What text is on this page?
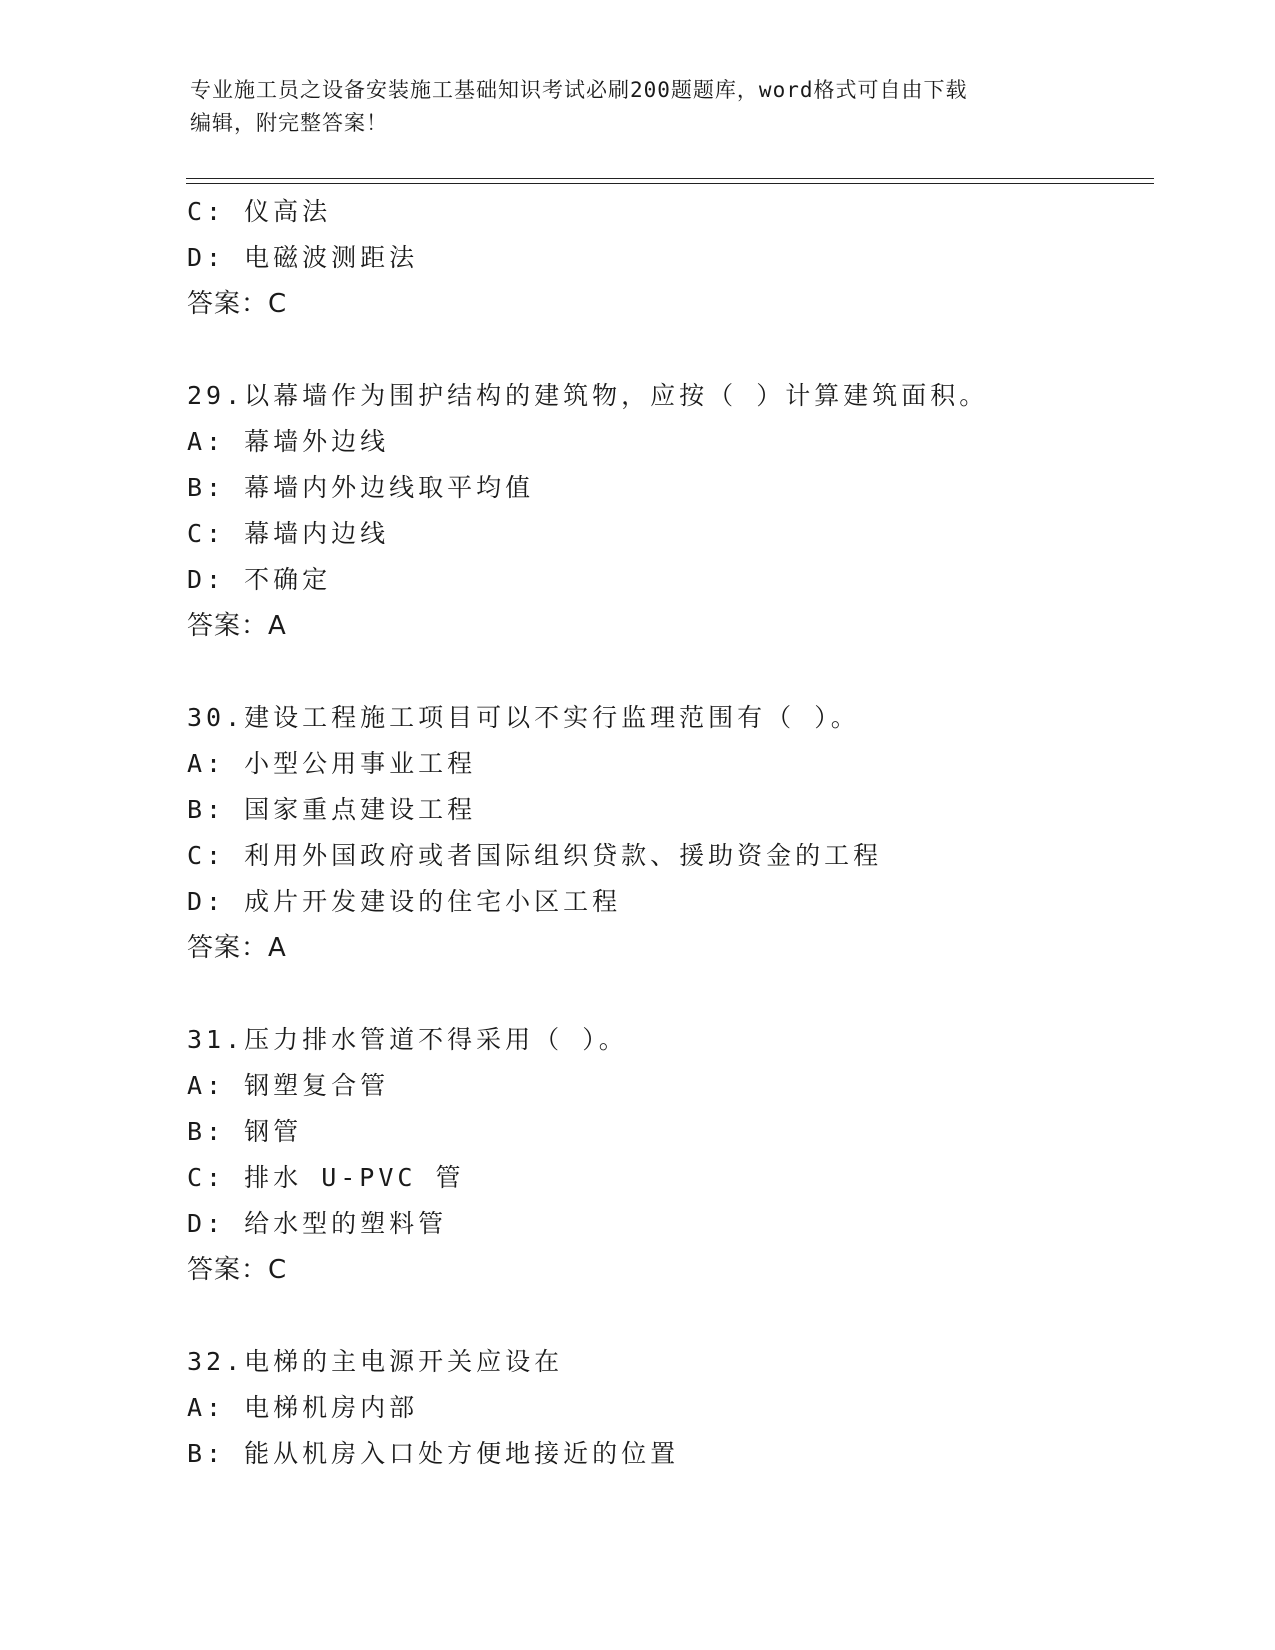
专业施工员之设备安装施工基础知识考试必刷200题题库，word格式可自由下载
编辑，附完整答案！
C: 仪高法
D: 电磁波测距法
答案：C
29.以幕墙作为围护结构的建筑物，应按（ ）计算建筑面积。
A: 幕墙外边线
B: 幕墙内外边线取平均值
C: 幕墙内边线
D: 不确定
答案：A
30.建设工程施工项目可以不实行监理范围有（ ）。
A: 小型公用事业工程
B: 国家重点建设工程
C: 利用外国政府或者国际组织贷款、援助资金的工程
D: 成片开发建设的住宅小区工程
答案：A
31.压力排水管道不得采用（ ）。
A: 钢塑复合管
B: 钢管
C: 排水 U-PVC 管
D: 给水型的塑料管
答案：C
32.电梯的主电源开关应设在
A: 电梯机房内部
B: 能从机房入口处方便地接近的位置
